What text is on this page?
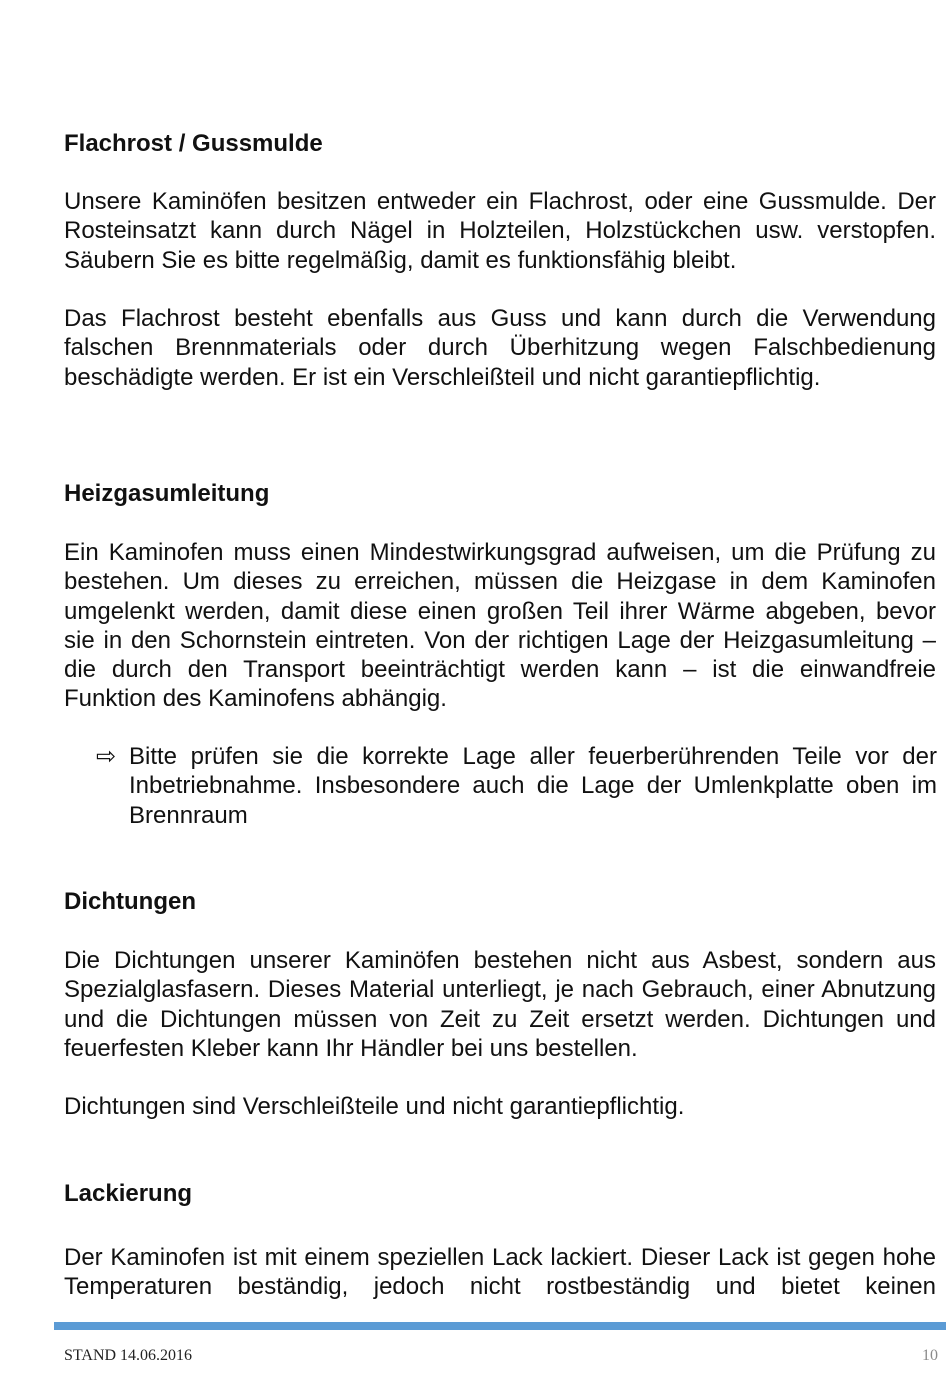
Flachrost / Gussmulde

Unsere Kaminöfen besitzen entweder ein Flachrost, oder eine Gussmulde. Der Rosteinsatzt kann durch Nägel in Holzteilen, Holzstückchen usw. verstopfen. Säubern Sie es bitte regelmäßig, damit es funktionsfähig bleibt.

Das Flachrost besteht ebenfalls aus Guss und kann durch die Verwendung falschen Brennmaterials oder durch Überhitzung wegen Falschbedienung beschädigte werden. Er ist ein Verschleißteil und nicht garantiepflichtig.

Heizgasumleitung

Ein Kaminofen muss einen Mindestwirkungsgrad aufweisen, um die Prüfung zu bestehen. Um dieses zu erreichen, müssen die Heizgase in dem Kaminofen umgelenkt werden, damit diese einen großen Teil ihrer Wärme abgeben, bevor sie in den Schornstein eintreten. Von der richtigen Lage der Heizgasumleitung – die durch den Transport beeinträchtigt werden kann – ist die einwandfreie Funktion des Kaminofens abhängig.

⇨ Bitte prüfen sie die korrekte Lage aller feuerberührenden Teile vor der Inbetriebnahme. Insbesondere auch die Lage der Umlenkplatte oben im Brennraum
Dichtungen

Die Dichtungen unserer Kaminöfen bestehen nicht aus Asbest, sondern aus Spezialglasfasern. Dieses Material unterliegt, je nach Gebrauch, einer Abnutzung und die Dichtungen müssen von Zeit zu Zeit ersetzt werden. Dichtungen und feuerfesten Kleber kann Ihr Händler bei uns bestellen.

Dichtungen sind Verschleißteile und nicht garantiepflichtig.

Lackierung

Der Kaminofen ist mit einem speziellen Lack lackiert. Dieser Lack ist gegen hohe Temperaturen beständig, jedoch nicht rostbeständig und bietet keinen

STAND 14.06.2016	10
